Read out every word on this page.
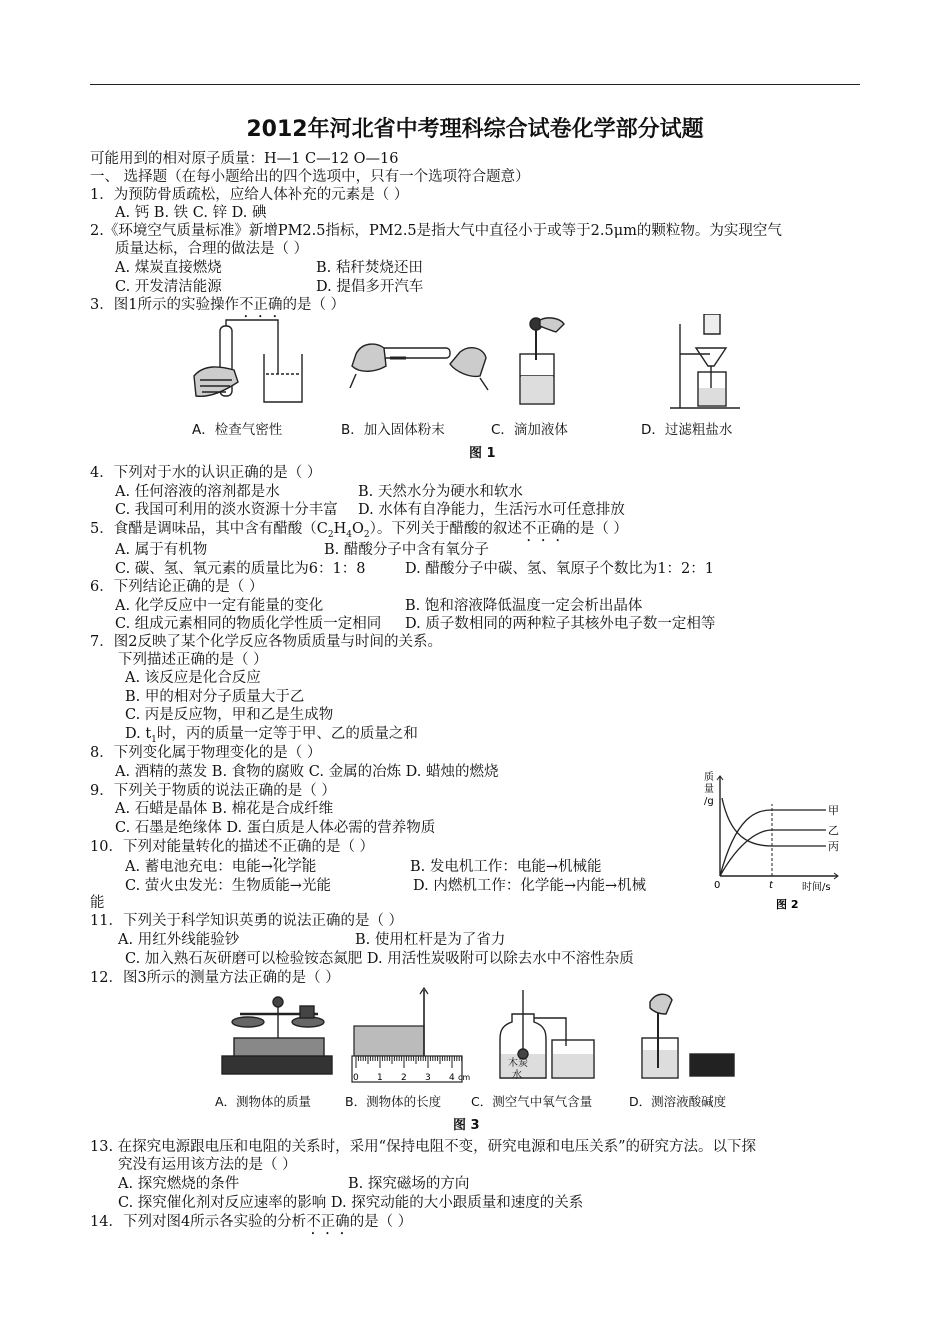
2012年河北省中考理科综合试卷化学部分试题
可能用到的相对原子质量：H—1 C—12 O—16
一、 选择题（在每小题给出的四个选项中，只有一个选项符合题意）
1．为预防骨质疏松，应给人体补充的元素是（ ）
A. 钙 B. 铁 C. 锌 D. 碘
2.《环境空气质量标准》新增PM2.5指标，PM2.5是指大气中直径小于或等于2.5μm的颗粒物。为实现空气
质量达标，合理的做法是（ ）
A. 煤炭直接燃烧	B. 秸秆焚烧还田
C. 开发清洁能源	D. 提倡多开汽车
3．图1所示的实验操作不正确的是（ ）
A．检查气密性	B．加入固体粉末	C．滴加液体	D．过滤粗盐水
图 1
4．下列对于水的认识正确的是（ ）
A. 任何溶液的溶剂都是水	B. 天然水分为硬水和软水
C. 我国可利用的淡水资源十分丰富 D. 水体有自净能力，生活污水可任意排放
5．食醋是调味品，其中含有醋酸$(C_2H_4O_2)$。下列关于醋酸的叙述不正确的是（ ）
A. 属于有机物	B. 醋酸分子中含有氧分子
C. 碳、氢、氧元素的质量比为6：1：8	D. 醋酸分子中碳、氢、氧原子个数比为1：2：1
6．下列结论正确的是（ ）
A. 化学反应中一定有能量的变化	B. 饱和溶液降低温度一定会析出晶体
C. 组成元素相同的物质化学性质一定相同 D. 质子数相同的两种粒子其核外电子数一定相等
7．图2反映了某个化学反应各物质质量与时间的关系。
下列描述正确的是（ ）
A. 该反应是化合反应
B. 甲的相对分子质量大于乙
C. 丙是反应物，甲和乙是生成物
D. $t_1$时，丙的质量一定等于甲、乙的质量之和
8．下列变化属于物理变化的是（ ）
A. 酒精的蒸发 B. 食物的腐败 C. 金属的冶炼 D. 蜡烛的燃烧
9．下列关于物质的说法正确的是（ ）
A. 石蜡是晶体 B. 棉花是合成纤维
C. 石墨是绝缘体 D. 蛋白质是人体必需的营养物质
10．下列对能量转化的描述不正确的是（ ）
A. 蓄电池充电：电能→化学能	B. 发电机工作：电能→机械能
C. 萤火虫发光：生物质能→光能	D. 内燃机工作：化学能→内能→机械
能
甲
乙
丙
质
量
/g
0	t	时间/s
图 2
11．下列关于科学知识英勇的说法正确的是（ ）
A. 用红外线能验钞	B. 使用杠杆是为了省力
C. 加入熟石灰研磨可以检验铵态氮肥 D. 用活性炭吸附可以除去水中不溶性杂质
12．图3所示的测量方法正确的是（ ）
0 1 2 3 4 cm
木炭
水
A．测物体的质量	B．测物体的长度 C．测空气中氧气含量	D．测溶液酸碱度
图 3
13. 在探究电源跟电压和电阻的关系时，采用“保持电阻不变，研究电源和电压关系”的研究方法。以下探
究没有运用该方法的是（ ）
A. 探究燃烧的条件	B. 探究磁场的方向
C. 探究催化剂对反应速率的影响 D. 探究动能的大小跟质量和速度的关系
14．下列对图4所示各实验的分析不正确的是（ ）
